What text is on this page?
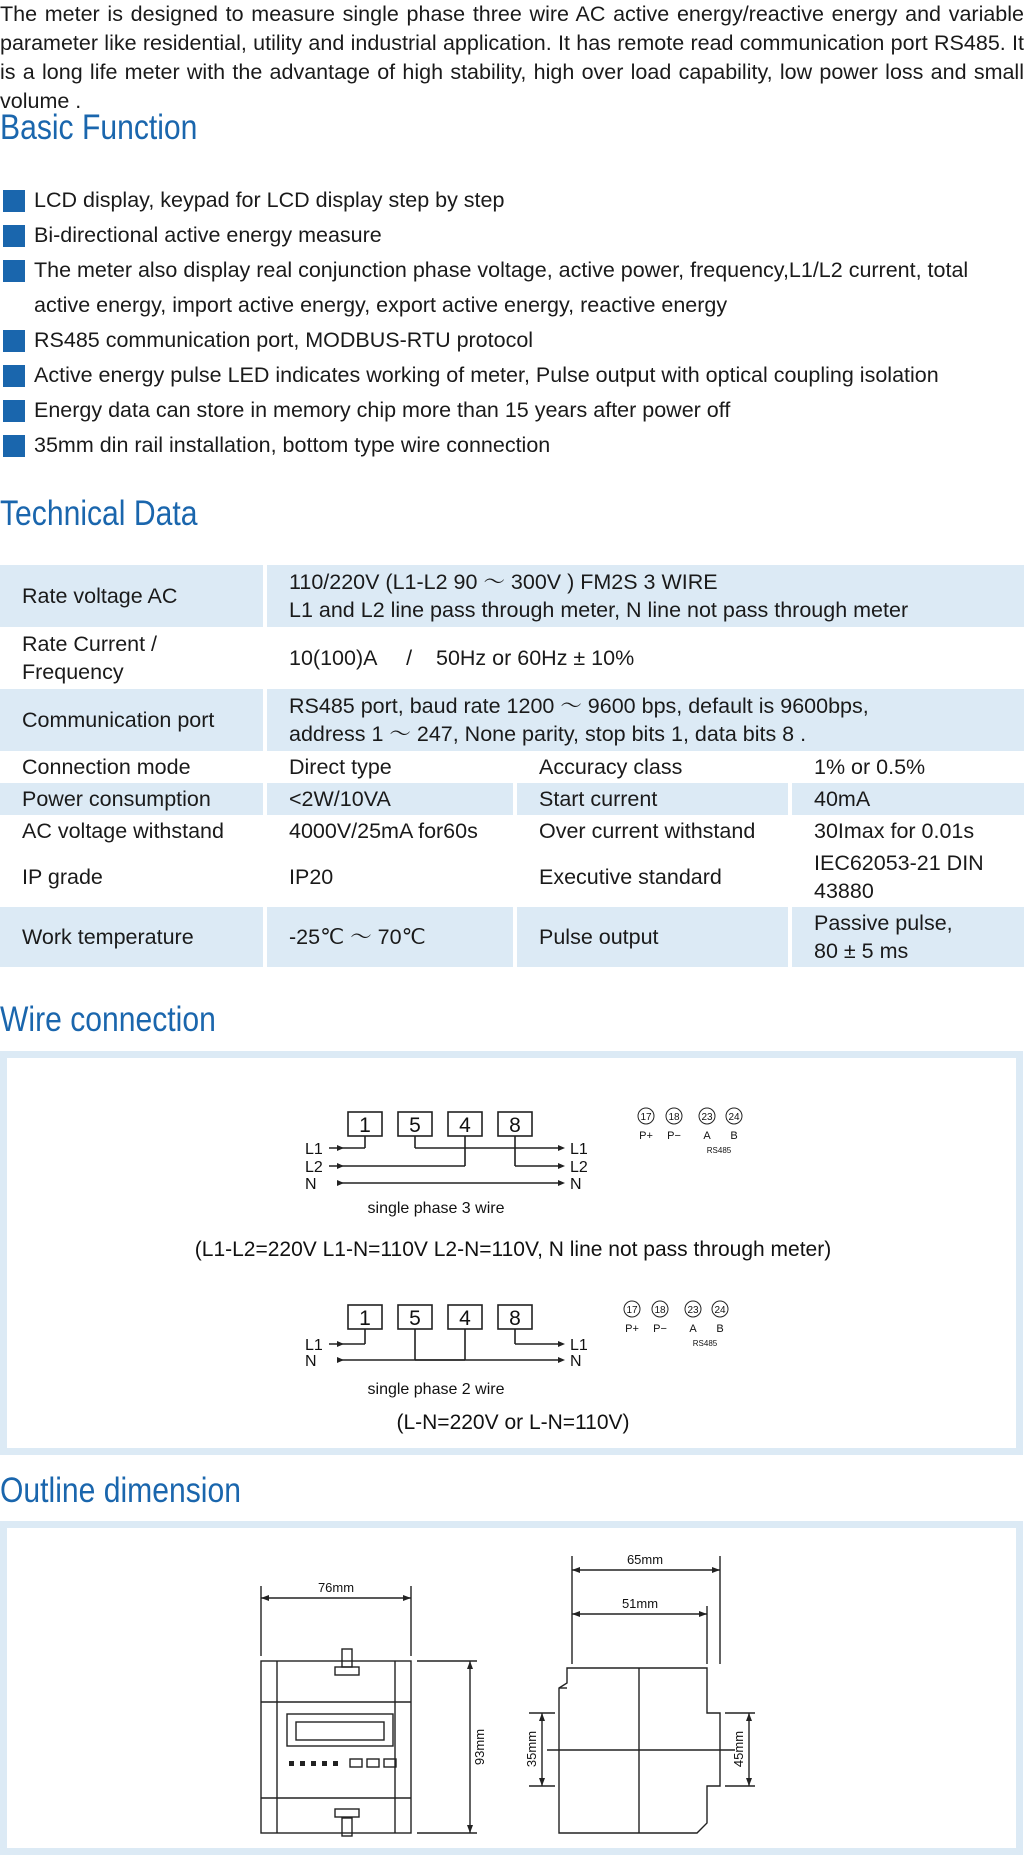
The meter is designed to measure single phase three wire AC active energy/reactive energy and variable parameter like residential, utility and industrial application. It has remote read communication port RS485. It is a long life meter with the advantage of high stability, high over load capability, low power loss and small volume .

Basic Function
LCD display, keypad for LCD display step by step
Bi-directional active energy measure
The meter also display real conjunction phase voltage, active power, frequency,L1/L2 current, total active energy, import active energy, export active energy, reactive energy
RS485 communication port, MODBUS-RTU protocol
Active energy pulse LED indicates working of meter, Pulse output with optical coupling isolation
Energy data can store in memory chip more than 15 years after power off
35mm din rail installation, bottom type wire connection
Technical Data
Rate voltage AC	110/220V (L1-L2 90 ～ 300V ) FM2S 3 WIRE
L1 and L2 line pass through meter, N line not pass through meter		

Rate Current /
Frequency	10(100)A     /    50Hz or 60Hz ± 10%		
Communication port	RS485 port, baud rate 1200 ～ 9600 bps, default is 9600bps,
address 1 ～ 247, None parity, stop bits 1, data bits 8 .		

Connection mode	Direct type	Accuracy class	1% or 0.5%
Power consumption	<2W/10VA	Start current	40mA
AC voltage withstand	4000V/25mA for60s	Over current withstand	30Imax for 0.01s
IP grade	IP20	Executive standard	IEC62053-21 DIN
43880

Work temperature	-25℃ ～ 70℃	Pulse output	Passive pulse,
80 ± 5 ms
Wire connection
1 5 4 8
L1
L2
N
L1
L2
N
single phase 3 wire
17 18 23 24
P+ P− A B
RS485
(L1-L2=220V L1-N=110V L2-N=110V, N line not pass through meter)
1 5 4 8
L1
N
L1
N
single phase 2 wire
17 18 23 24
P+ P− A B
RS485
(L-N=220V or L-N=110V)
Outline dimension
76mm
65mm
51mm
93mm	35mm	45mm
